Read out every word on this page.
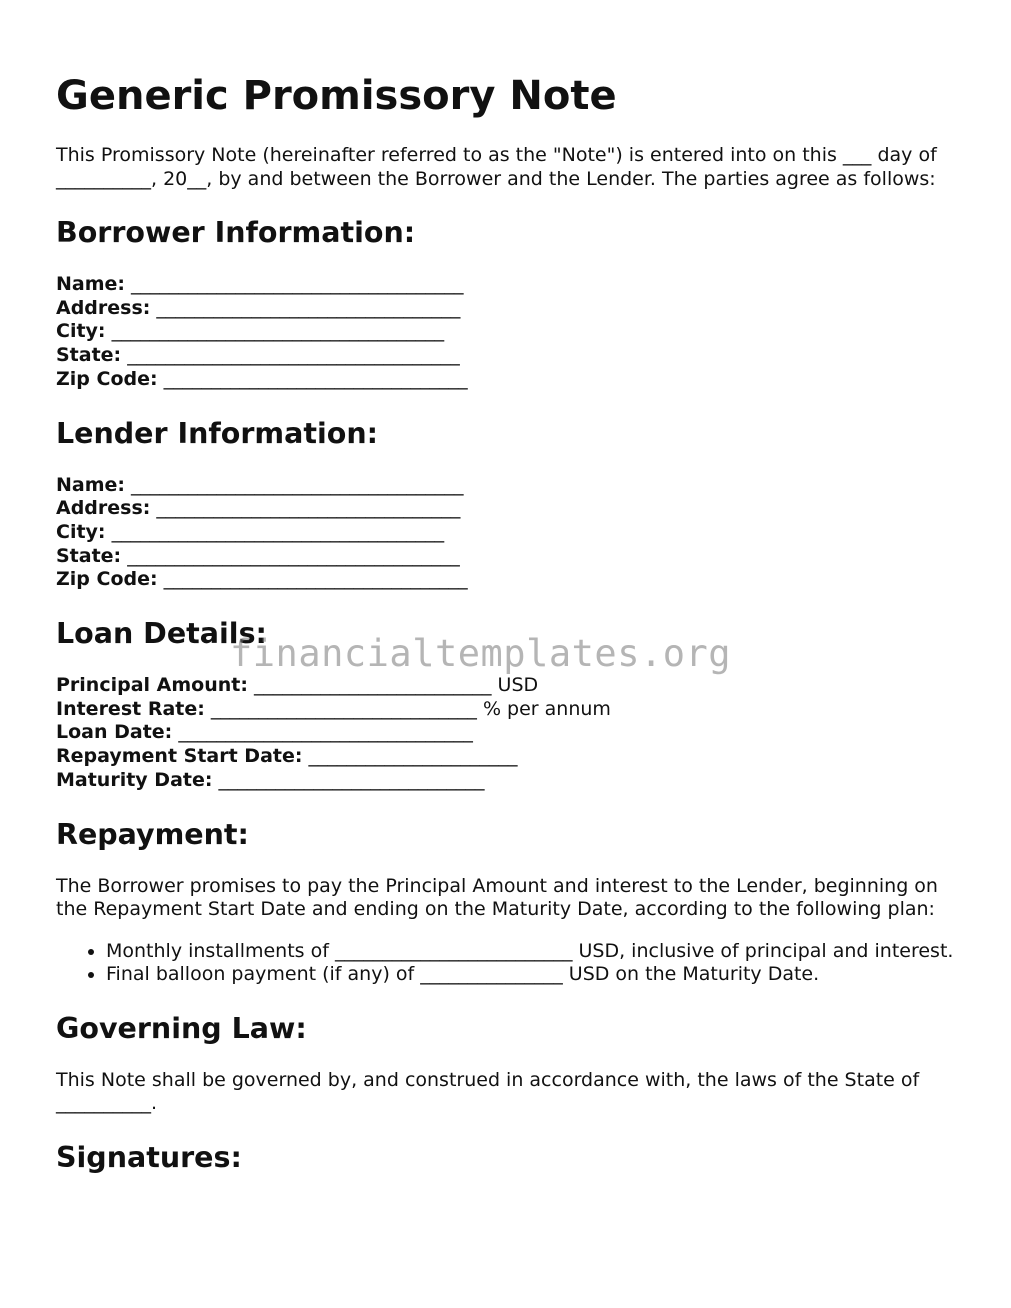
Generic Promissory Note

This Promissory Note (hereinafter referred to as the "Note") is entered into on this ___ day of __________, 20__, by and between the Borrower and the Lender. The parties agree as follows:

Borrower Information:
Name: ___________________________________
Address: ________________________________
City: ___________________________________
State: ___________________________________
Zip Code: ________________________________
Lender Information:
Name: ___________________________________
Address: ________________________________
City: ___________________________________
State: ___________________________________
Zip Code: ________________________________
Loan Details:
Principal Amount: _________________________ USD
Interest Rate: ____________________________ % per annum
Loan Date: _______________________________
Repayment Start Date: ______________________
Maturity Date: ____________________________
Repayment:

The Borrower promises to pay the Principal Amount and interest to the Lender, beginning on the Repayment Start Date and ending on the Maturity Date, according to the following plan:

• Monthly installments of _________________________ USD, inclusive of principal and interest.
• Final balloon payment (if any) of _______________ USD on the Maturity Date.
Governing Law:

This Note shall be governed by, and construed in accordance with, the laws of the State of __________.

Signatures:
financialtemplates.org
